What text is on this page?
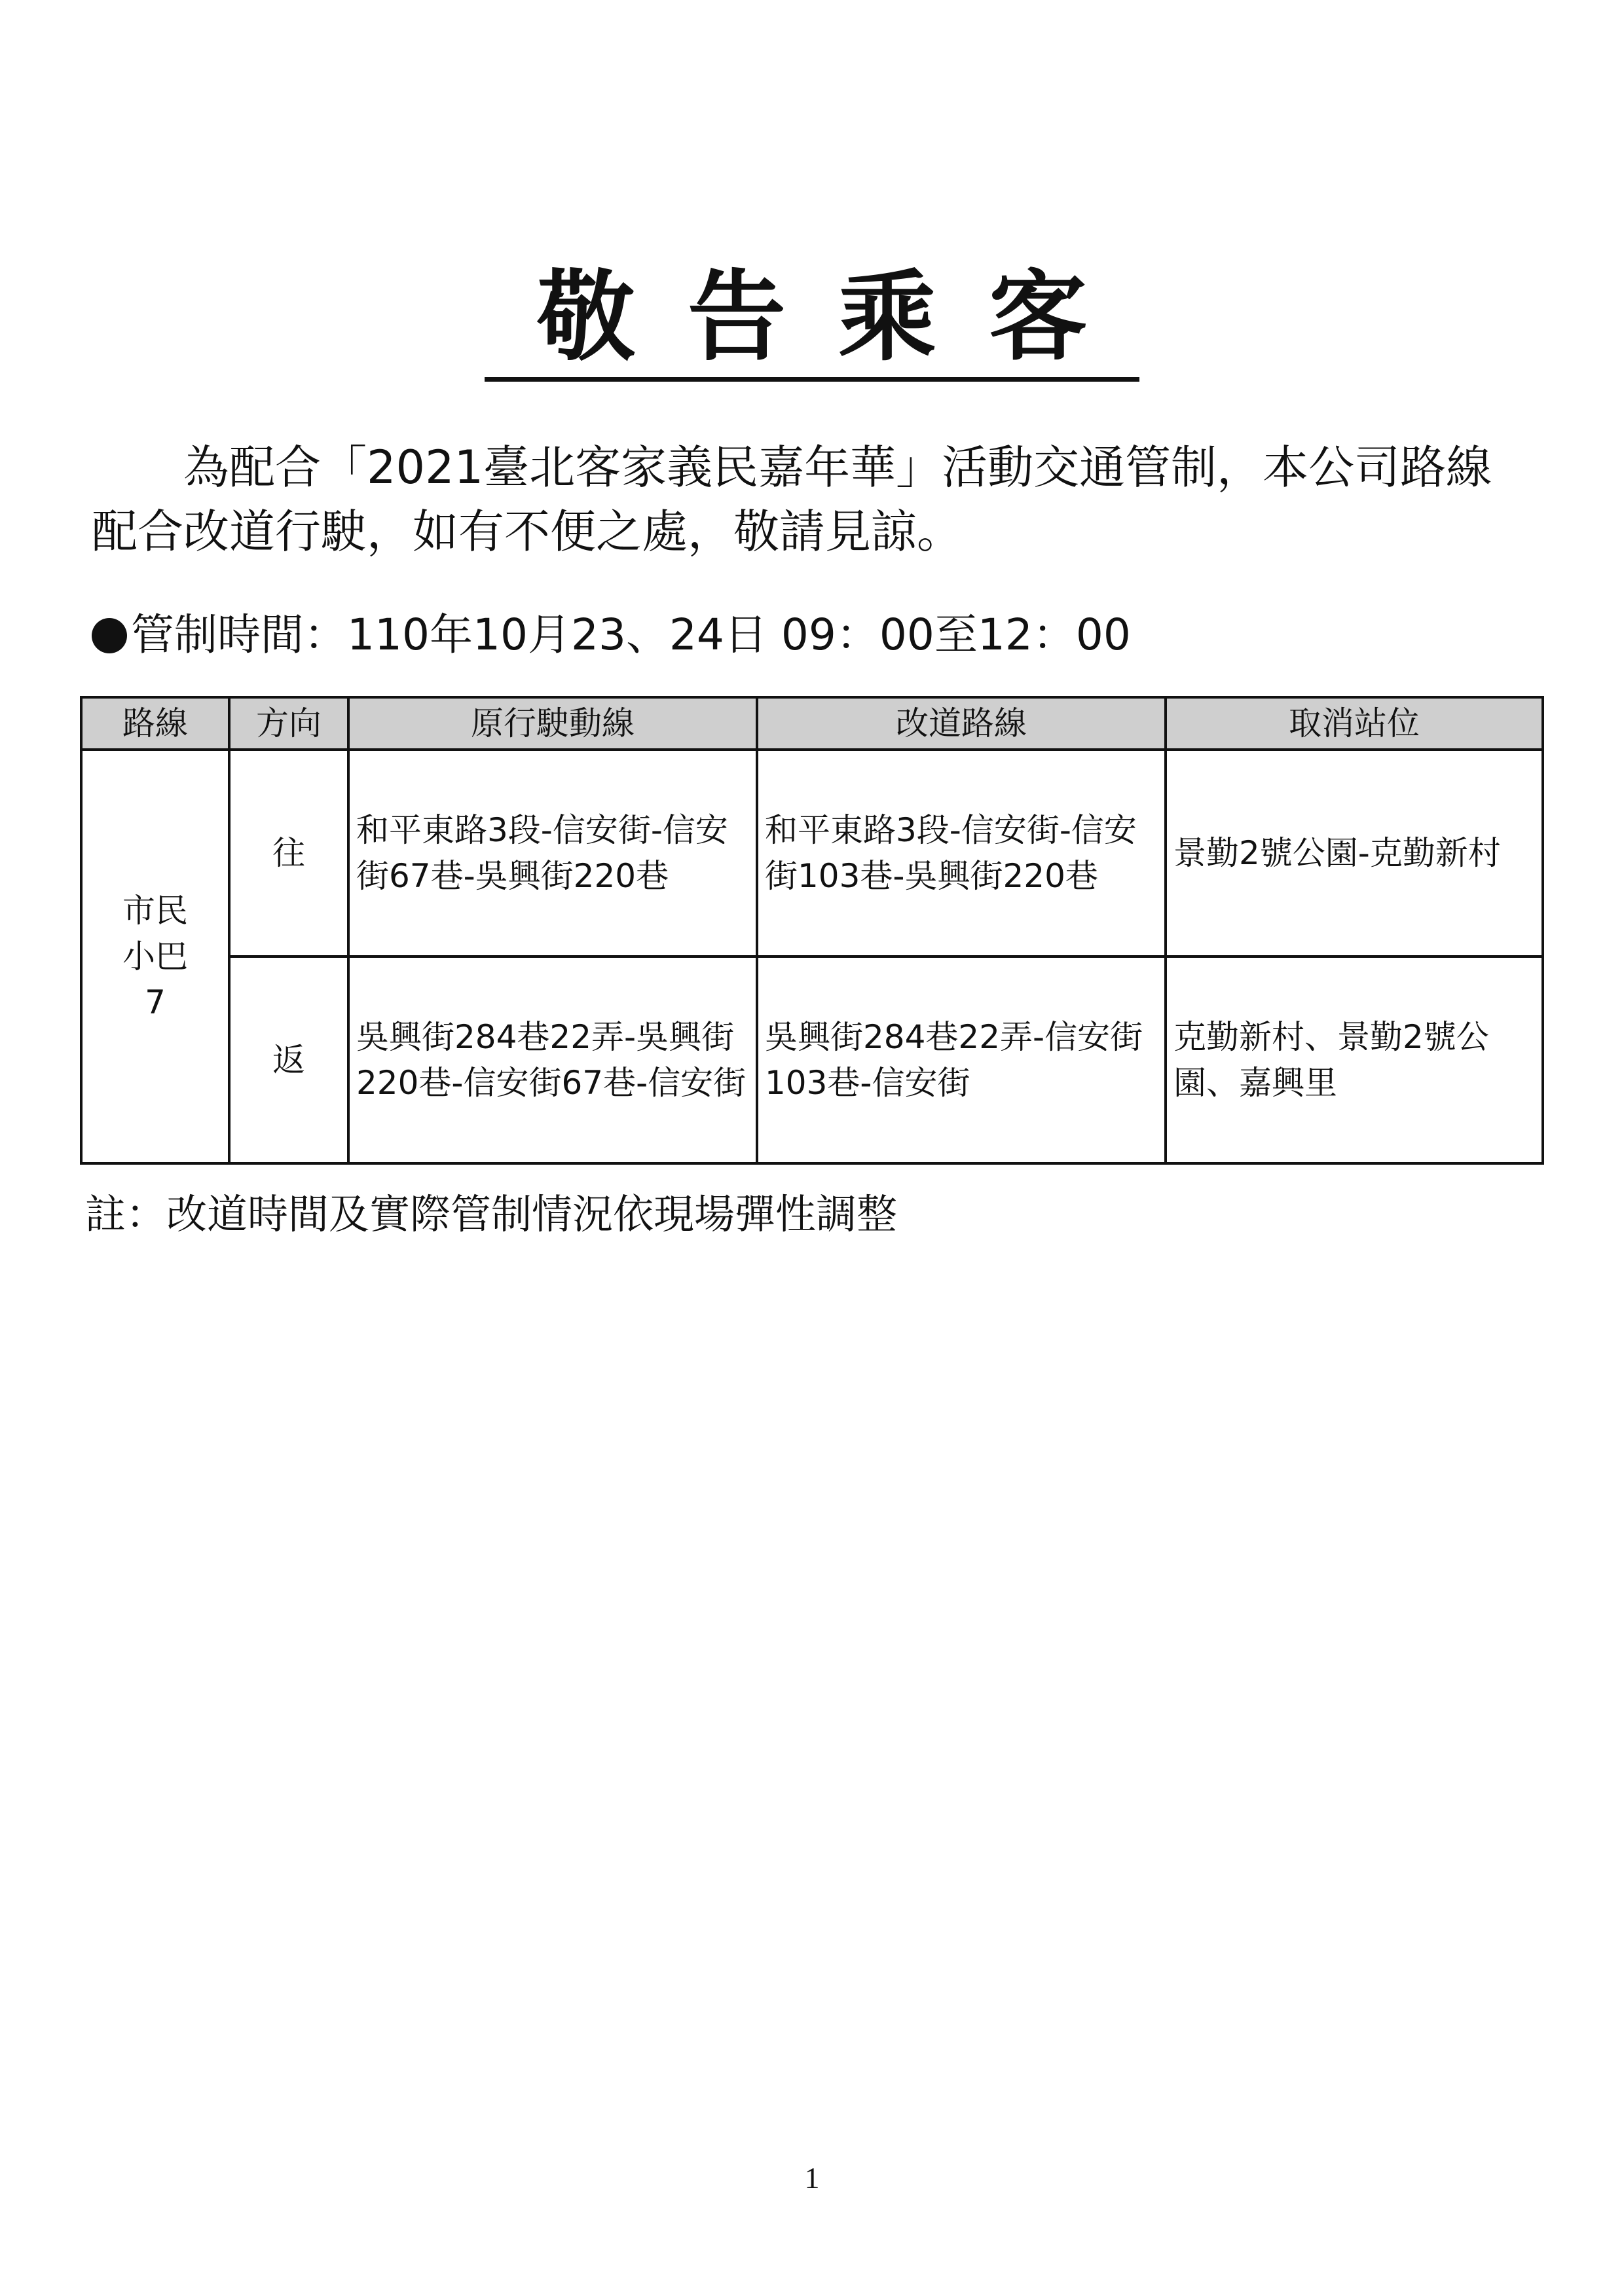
敬告乘客
為配合「2021臺北客家義民嘉年華」活動交通管制，本公司路線配合改道行駛，如有不便之處，敬請見諒。
管制時間：110年10月23、24日 09：00至12：00
路線	方向	原行駛動線	改道路線	取消站位
市民小巴7	往	和平東路3段-信安街-信安街67巷-吳興街220巷	和平東路3段-信安街-信安街103巷-吳興街220巷	景勤2號公園-克勤新村
	返	吳興街284巷22弄-吳興街220巷-信安街67巷-信安街	吳興街284巷22弄-信安街103巷-信安街	克勤新村、景勤2號公園、嘉興里
註：改道時間及實際管制情況依現場彈性調整
1
